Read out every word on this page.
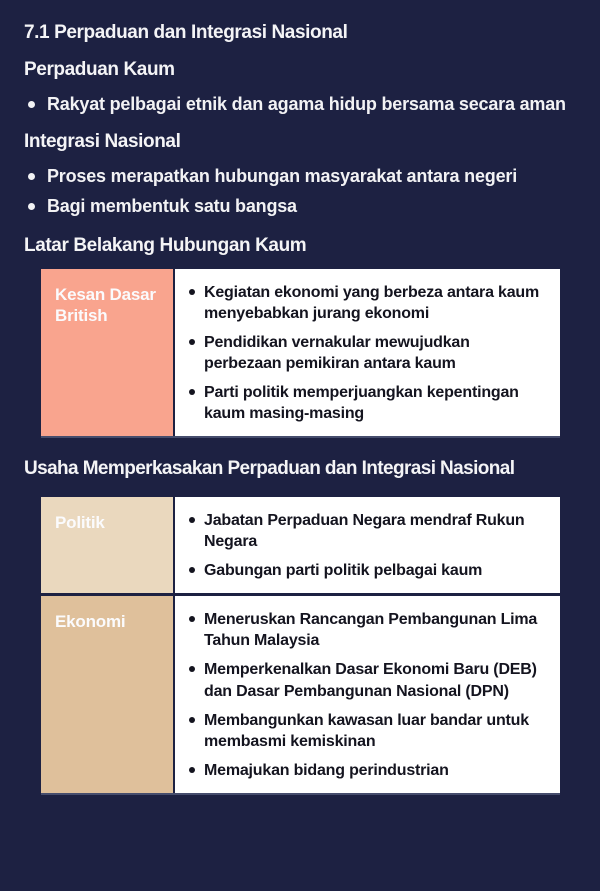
7.1 Perpaduan dan Integrasi Nasional
Perpaduan Kaum
Rakyat pelbagai etnik dan agama hidup bersama secara aman
Integrasi Nasional
Proses merapatkan hubungan masyarakat antara negeri
Bagi membentuk satu bangsa
Latar Belakang Hubungan Kaum
Kesan Dasar British
Kegiatan ekonomi yang berbeza antara kaum menyebabkan jurang ekonomi
Pendidikan vernakular mewujudkan perbezaan pemikiran antara kaum
Parti politik memperjuangkan kepentingan kaum masing-masing
Usaha Memperkasakan Perpaduan dan Integrasi Nasional
Politik	Jabatan Perpaduan Negara mendraf Rukun Negara
Gabungan parti politik pelbagai kaum
Ekonomi	Meneruskan Rancangan Pembangunan Lima Tahun Malaysia
Memperkenalkan Dasar Ekonomi Baru (DEB) dan Dasar Pembangunan Nasional (DPN)
Membangunkan kawasan luar bandar untuk membasmi kemiskinan
Memajukan bidang perindustrian
